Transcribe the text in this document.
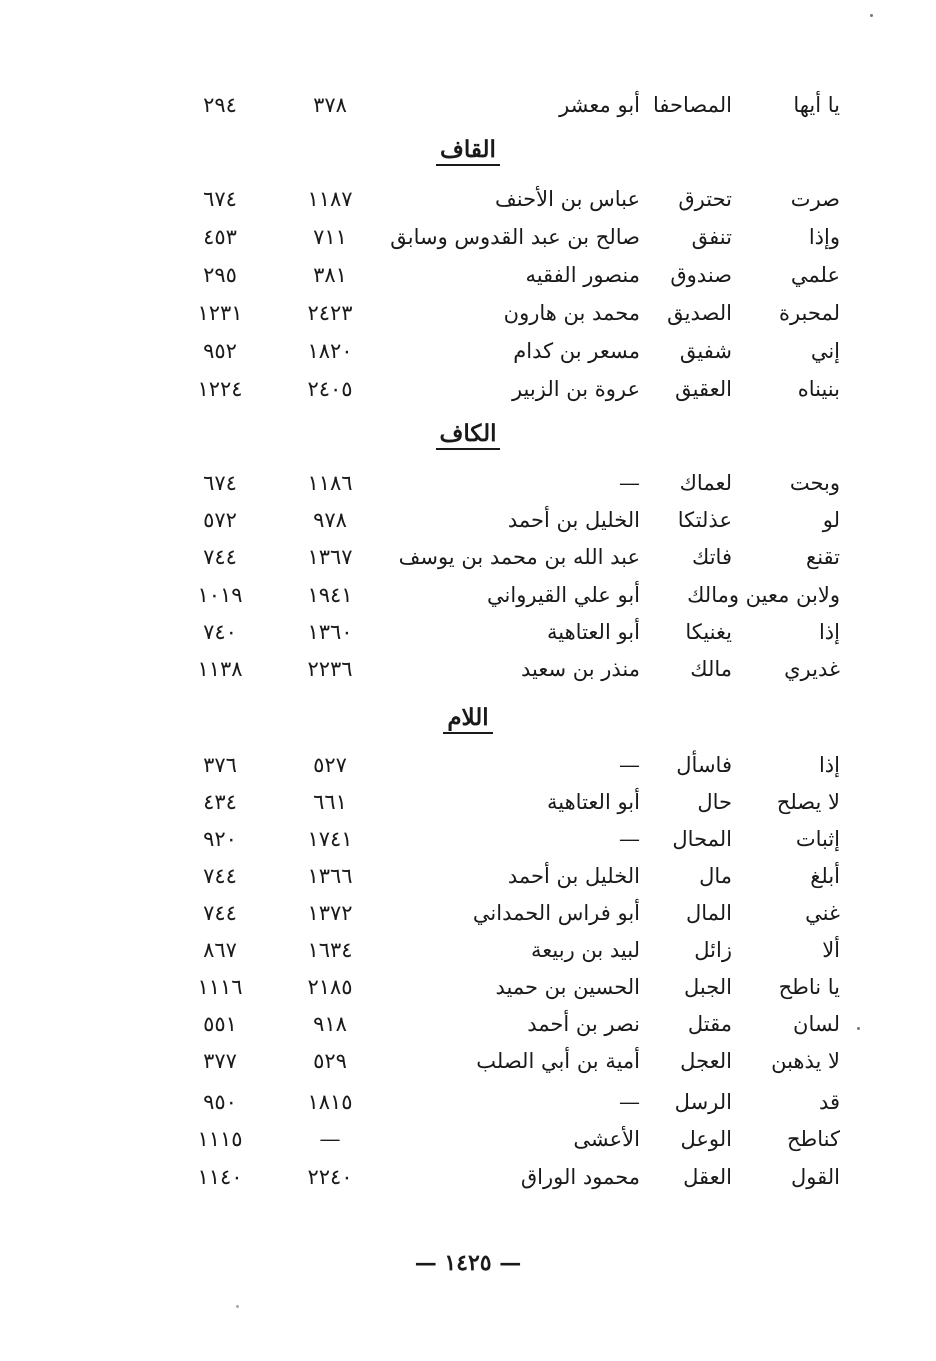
يا أيها
المصاحفا
أبو معشر
٣٧٨
٢٩٤
القاف
صرت
تحترق
عباس بن الأحنف
١١٨٧
٦٧٤
وإذا
تنفق
صالح بن عبد القدوس وسابق
٧١١
٤٥٣
علمي
صندوق
منصور الفقيه
٣٨١
٢٩٥
لمحبرة
الصديق
محمد بن هارون
٢٤٢٣
١٢٣١
إني
شفيق
مسعر بن كدام
١٨٢٠
٩٥٢
بنيناه
العقيق
عروة بن الزبير
٢٤٠٥
١٢٢٤
الكاف
وبحت
لعماك
—
١١٨٦
٦٧٤
لو
عذلتكا
الخليل بن أحمد
٩٧٨
٥٧٢
تقنع
فاتك
عبد الله بن محمد بن يوسف
١٣٦٧
٧٤٤
ولابن معين ومالك
أبو علي القيرواني
١٩٤١
١٠١٩
إذا
يغنيكا
أبو العتاهية
١٣٦٠
٧٤٠
غديري
مالك
منذر بن سعيد
٢٢٣٦
١١٣٨
اللام
إذا
فاسأل
—
٥٢٧
٣٧٦
لا يصلح
حال
أبو العتاهية
٦٦١
٤٣٤
إثبات
المحال
—
١٧٤١
٩٢٠
أبلغ
مال
الخليل بن أحمد
١٣٦٦
٧٤٤
غني
المال
أبو فراس الحمداني
١٣٧٢
٧٤٤
ألا
زائل
لبيد بن ربيعة
١٦٣٤
٨٦٧
يا ناطح
الجبل
الحسين بن حميد
٢١٨٥
١١١٦
لسان
مقتل
نصر بن أحمد
٩١٨
٥٥١
لا يذهبن
العجل
أمية بن أبي الصلب
٥٢٩
٣٧٧
قد
الرسل
—
١٨١٥
٩٥٠
كناطح
الوعل
الأعشى
—
١١١٥
القول
العقل
محمود الوراق
٢٢٤٠
١١٤٠
— ١٤٢٥ —
